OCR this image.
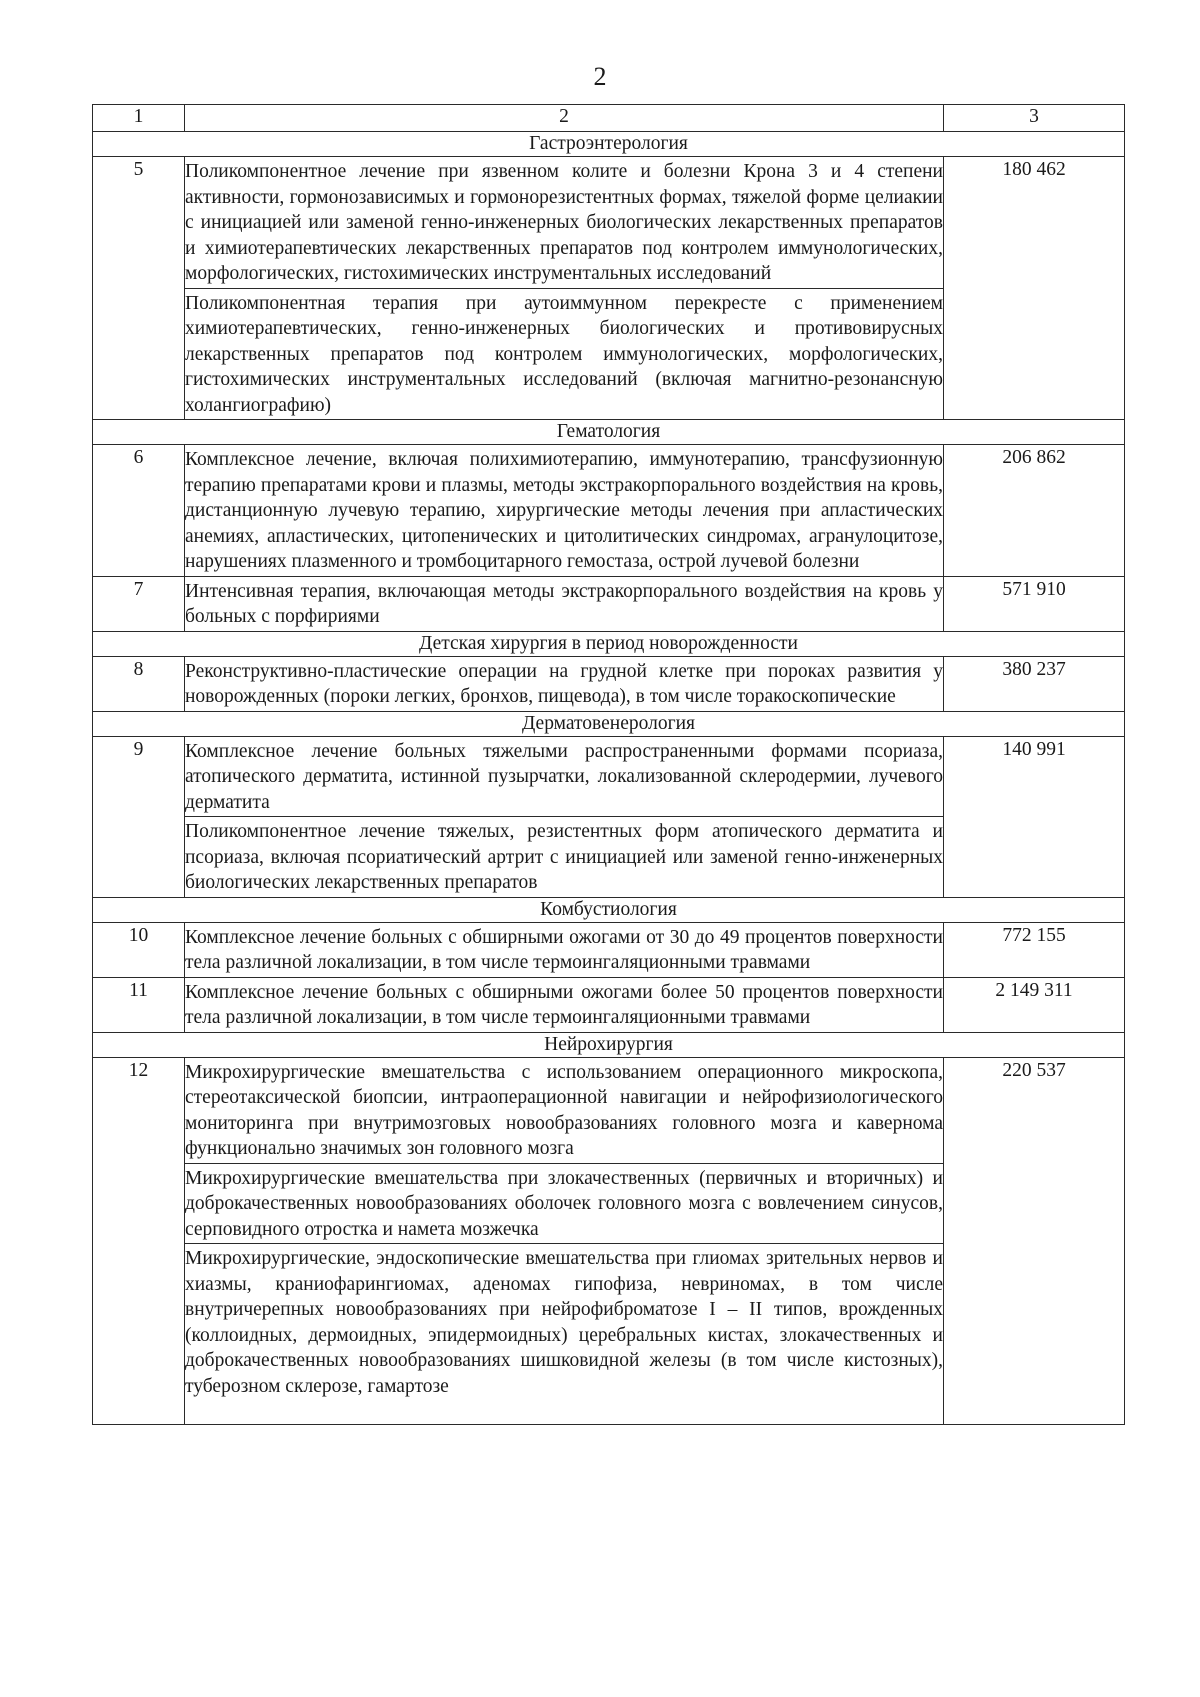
2
1	2	3
Гастроэнтерология		
5	Поликомпонентное лечение при язвенном колите и болезни Крона 3 и 4 степени активности, гормонозависимых и гормонорезистентных формах, тяжелой форме целиакии с инициацией или заменой генно-инженерных биологических лекарственных препаратов и химиотерапевтических лекарственных препаратов под контролем иммунологических, морфологических, гистохимических инструментальных исследований
Поликомпонентная терапия при аутоиммунном перекресте с применением химиотерапевтических, генно-инженерных биологических и противовирусных лекарственных препаратов под контролем иммунологических, морфологических, гистохимических инструментальных исследований (включая магнитно-резонансную холангиографию)	180 462
Гематология		
6	Комплексное лечение, включая полихимиотерапию, иммунотерапию, трансфузионную терапию препаратами крови и плазмы, методы экстракорпорального воздействия на кровь, дистанционную лучевую терапию, хирургические методы лечения при апластических анемиях, апластических, цитопенических и цитолитических синдромах, агранулоцитозе, нарушениях плазменного и тромбоцитарного гемостаза, острой лучевой болезни	206 862
7	Интенсивная терапия, включающая методы экстракорпорального воздействия на кровь у больных с порфириями	571 910
Детская хирургия в период новорожденности		
8	Реконструктивно-пластические операции на грудной клетке при пороках развития у новорожденных (пороки легких, бронхов, пищевода), в том числе торакоскопические	380 237
Дерматовенерология		
9	Комплексное лечение больных тяжелыми распространенными формами псориаза, атопического дерматита, истинной пузырчатки, локализованной склеродермии, лучевого дерматита
Поликомпонентное лечение тяжелых, резистентных форм атопического дерматита и псориаза, включая псориатический артрит с инициацией или заменой генно-инженерных биологических лекарственных препаратов	140 991
Комбустиология		
10	Комплексное лечение больных с обширными ожогами от 30 до 49 процентов поверхности тела различной локализации, в том числе термоингаляционными травмами	772 155
11	Комплексное лечение больных с обширными ожогами более 50 процентов поверхности тела различной локализации, в том числе термоингаляционными травмами	2 149 311
Нейрохирургия		
12	Микрохирургические вмешательства с использованием операционного микроскопа, стереотаксической биопсии, интраоперационной навигации и нейрофизиологического мониторинга при внутримозговых новообразованиях головного мозга и кавернома функционально значимых зон головного мозга
Микрохирургические вмешательства при злокачественных (первичных и вторичных) и доброкачественных новообразованиях оболочек головного мозга с вовлечением синусов, серповидного отростка и намета мозжечка
Микрохирургические, эндоскопические вмешательства при глиомах зрительных нервов и хиазмы, краниофарингиомах, аденомах гипофиза, невриномах, в том числе внутричерепных новообразованиях при нейрофиброматозе I – II типов, врожденных (коллоидных, дермоидных, эпидермоидных) церебральных кистах, злокачественных и доброкачественных новообразованиях шишковидной железы (в том числе кистозных), туберозном склерозе, гамартозе	220 537
